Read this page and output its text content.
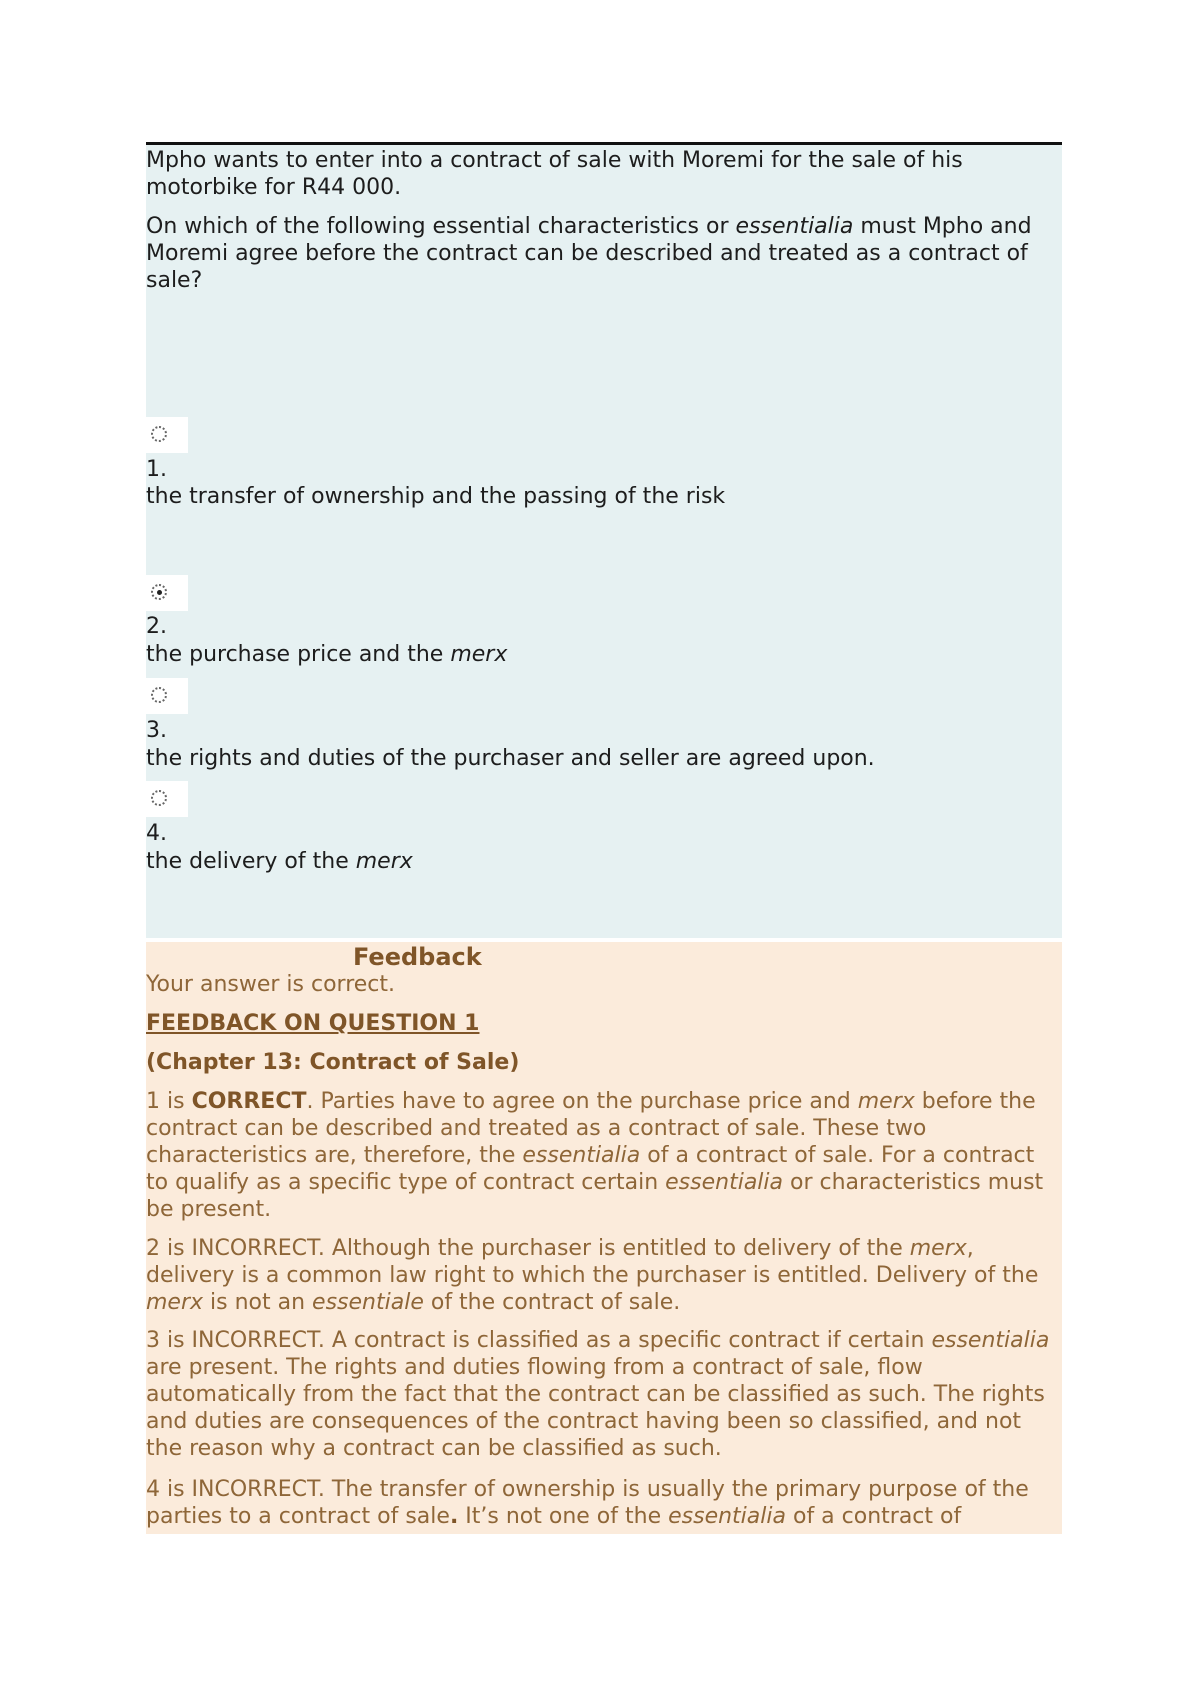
Mpho wants to enter into a contract of sale with Moremi for the sale of his motorbike for R44 000.

On which of the following essential characteristics or essentialia must Mpho and Moremi agree before the contract can be described and treated as a contract of sale?

1.
the transfer of ownership and the passing of the risk
2.
the purchase price and the merx
3.
the rights and duties of the purchaser and seller are agreed upon.
4.
the delivery of the merx
Feedback

Your answer is correct.

FEEDBACK ON QUESTION 1

(Chapter 13: Contract of Sale)

1 is CORRECT. Parties have to agree on the purchase price and merx before the contract can be described and treated as a contract of sale. These two characteristics are, therefore, the essentialia of a contract of sale. For a contract to qualify as a specific type of contract certain essentialia or characteristics must be present.

2 is INCORRECT. Although the purchaser is entitled to delivery of the merx, delivery is a common law right to which the purchaser is entitled. Delivery of the merx is not an essentiale of the contract of sale.

3 is INCORRECT. A contract is classified as a specific contract if certain essentialia are present. The rights and duties flowing from a contract of sale, flow automatically from the fact that the contract can be classified as such. The rights and duties are consequences of the contract having been so classified, and not the reason why a contract can be classified as such.

4 is INCORRECT. The transfer of ownership is usually the primary purpose of the parties to a contract of sale. It’s not one of the essentialia of a contract of
